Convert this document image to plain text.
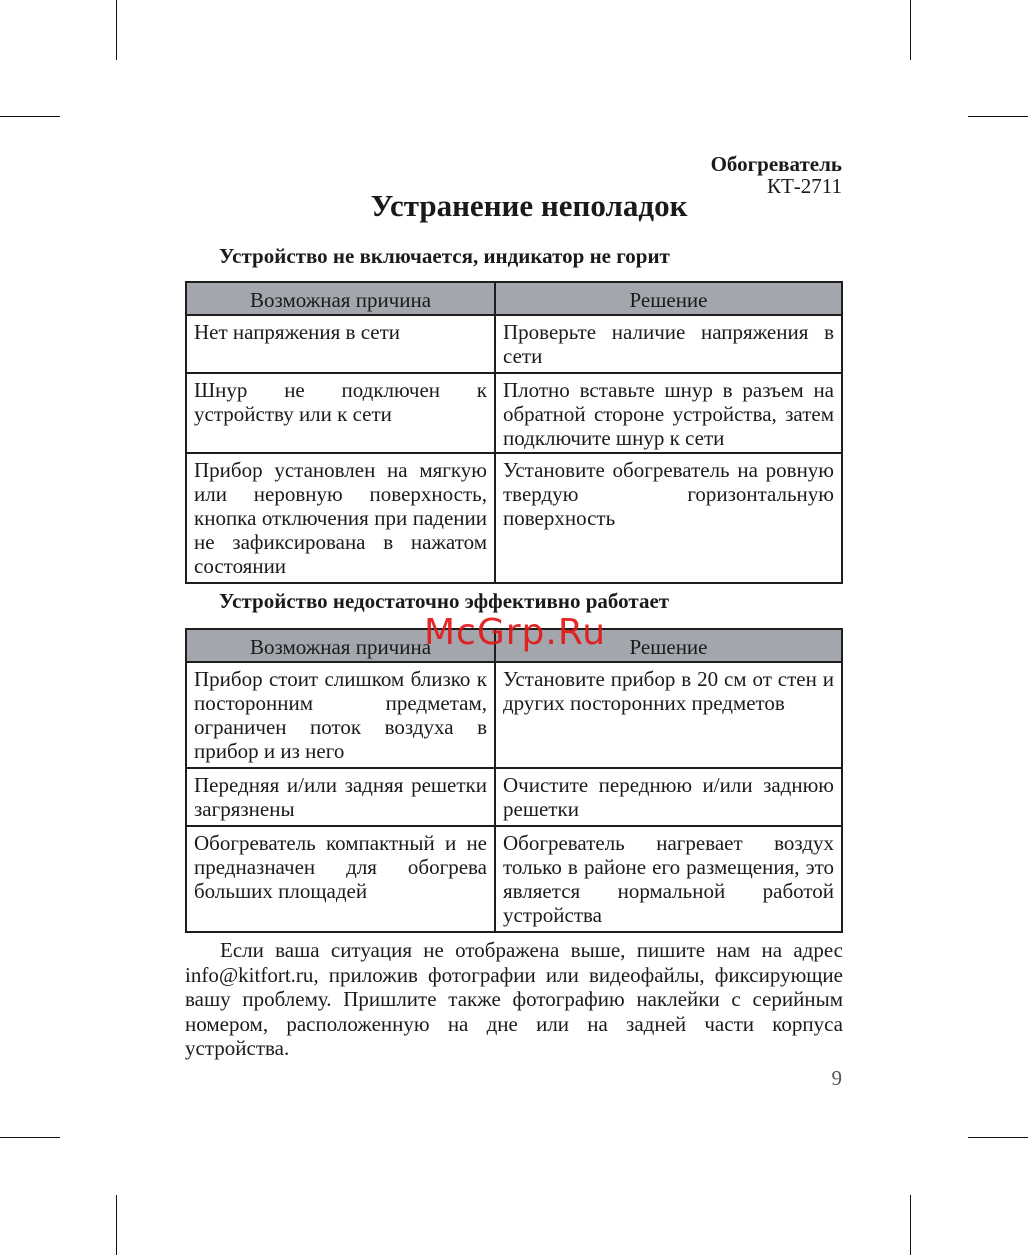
Обогреватель
КТ-2711
Устранение неполадок
Устройство не включается, индикатор не горит
Возможная причина	Решение
Нет напряжения в сети	Проверьте наличие напряжения в сети
Шнур не подключен к устройству или к сети	Плотно вставьте шнур в разъем на обратной стороне устройства, затем подключите шнур к сети
Прибор установлен на мягкую или неровную поверхность, кнопка отключения при падении не зафиксирована в нажатом состоянии	Установите обогреватель на ровную твердую горизонтальную поверхность
Устройство недостаточно эффективно работает
Возможная причина	Решение
Прибор стоит слишком близко к посторонним предметам, ограничен поток воздуха в прибор и из него	Установите прибор в 20 см от стен и других посторонних предметов
Передняя и/или задняя решетки загрязнены	Очистите переднюю и/или заднюю решетки
Обогреватель компактный и не предназначен для обогрева больших площадей	Обогреватель нагревает воздух только в районе его размещения, это является нормальной работой устройства
McGrp.Ru

Если ваша ситуация не отображена выше, пишите нам на адрес info@kitfort.ru, приложив фотографии или видеофайлы, фиксирующие вашу проблему. Пришлите также фотографию наклейки с серийным номером, расположенную на дне или на задней части корпуса устройства.

9
